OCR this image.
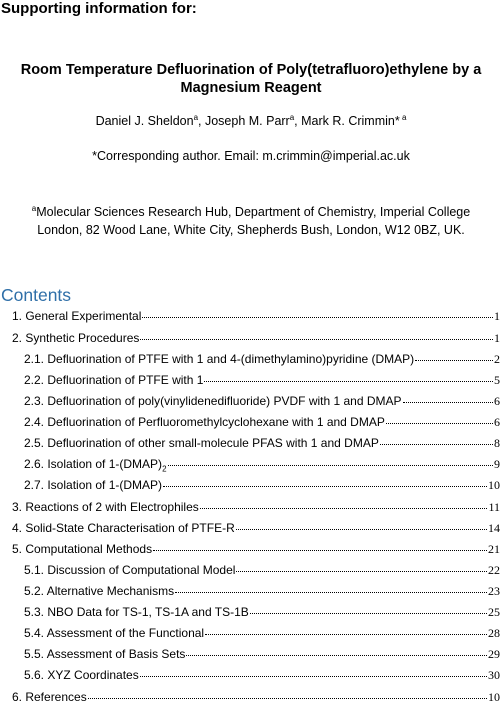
Supporting information for:
Room Temperature Defluorination of Poly(tetrafluoro)ethylene by a
Magnesium Reagent

Daniel J. Sheldon$^a$, Joseph M. Parr$^a$, Mark R. Crimmin* $^a$

*Corresponding author. Email: m.crimmin@imperial.ac.uk

$^a$Molecular Sciences Research Hub, Department of Chemistry, Imperial College
London, 82 Wood Lane, White City, Shepherds Bush, London, W12 0BZ, UK.

Contents
1. General Experimental	1
2. Synthetic Procedures	1
2.1. Defluorination of PTFE with 1 and 4-(dimethylamino)pyridine (DMAP)	2
2.2. Defluorination of PTFE with 1	5
2.3. Defluorination of poly(vinylidenedifluoride) PVDF with 1 and DMAP	6
2.4. Defluorination of Perfluoromethylcyclohexane with 1 and DMAP	6
2.5. Defluorination of other small-molecule PFAS with 1 and DMAP	8
2.6. Isolation of $1-(DMAP)_2$	9
2.7. Isolation of 1-(DMAP)	10
3. Reactions of 2 with Electrophiles	11
4. Solid-State Characterisation of PTFE-R	14
5. Computational Methods	21
5.1. Discussion of Computational Model	22
5.2. Alternative Mechanisms	23
5.3. NBO Data for TS-1, TS-1A and TS-1B	25
5.4. Assessment of the Functional	28
5.5. Assessment of Basis Sets	29
5.6. XYZ Coordinates	30
6. References	10
